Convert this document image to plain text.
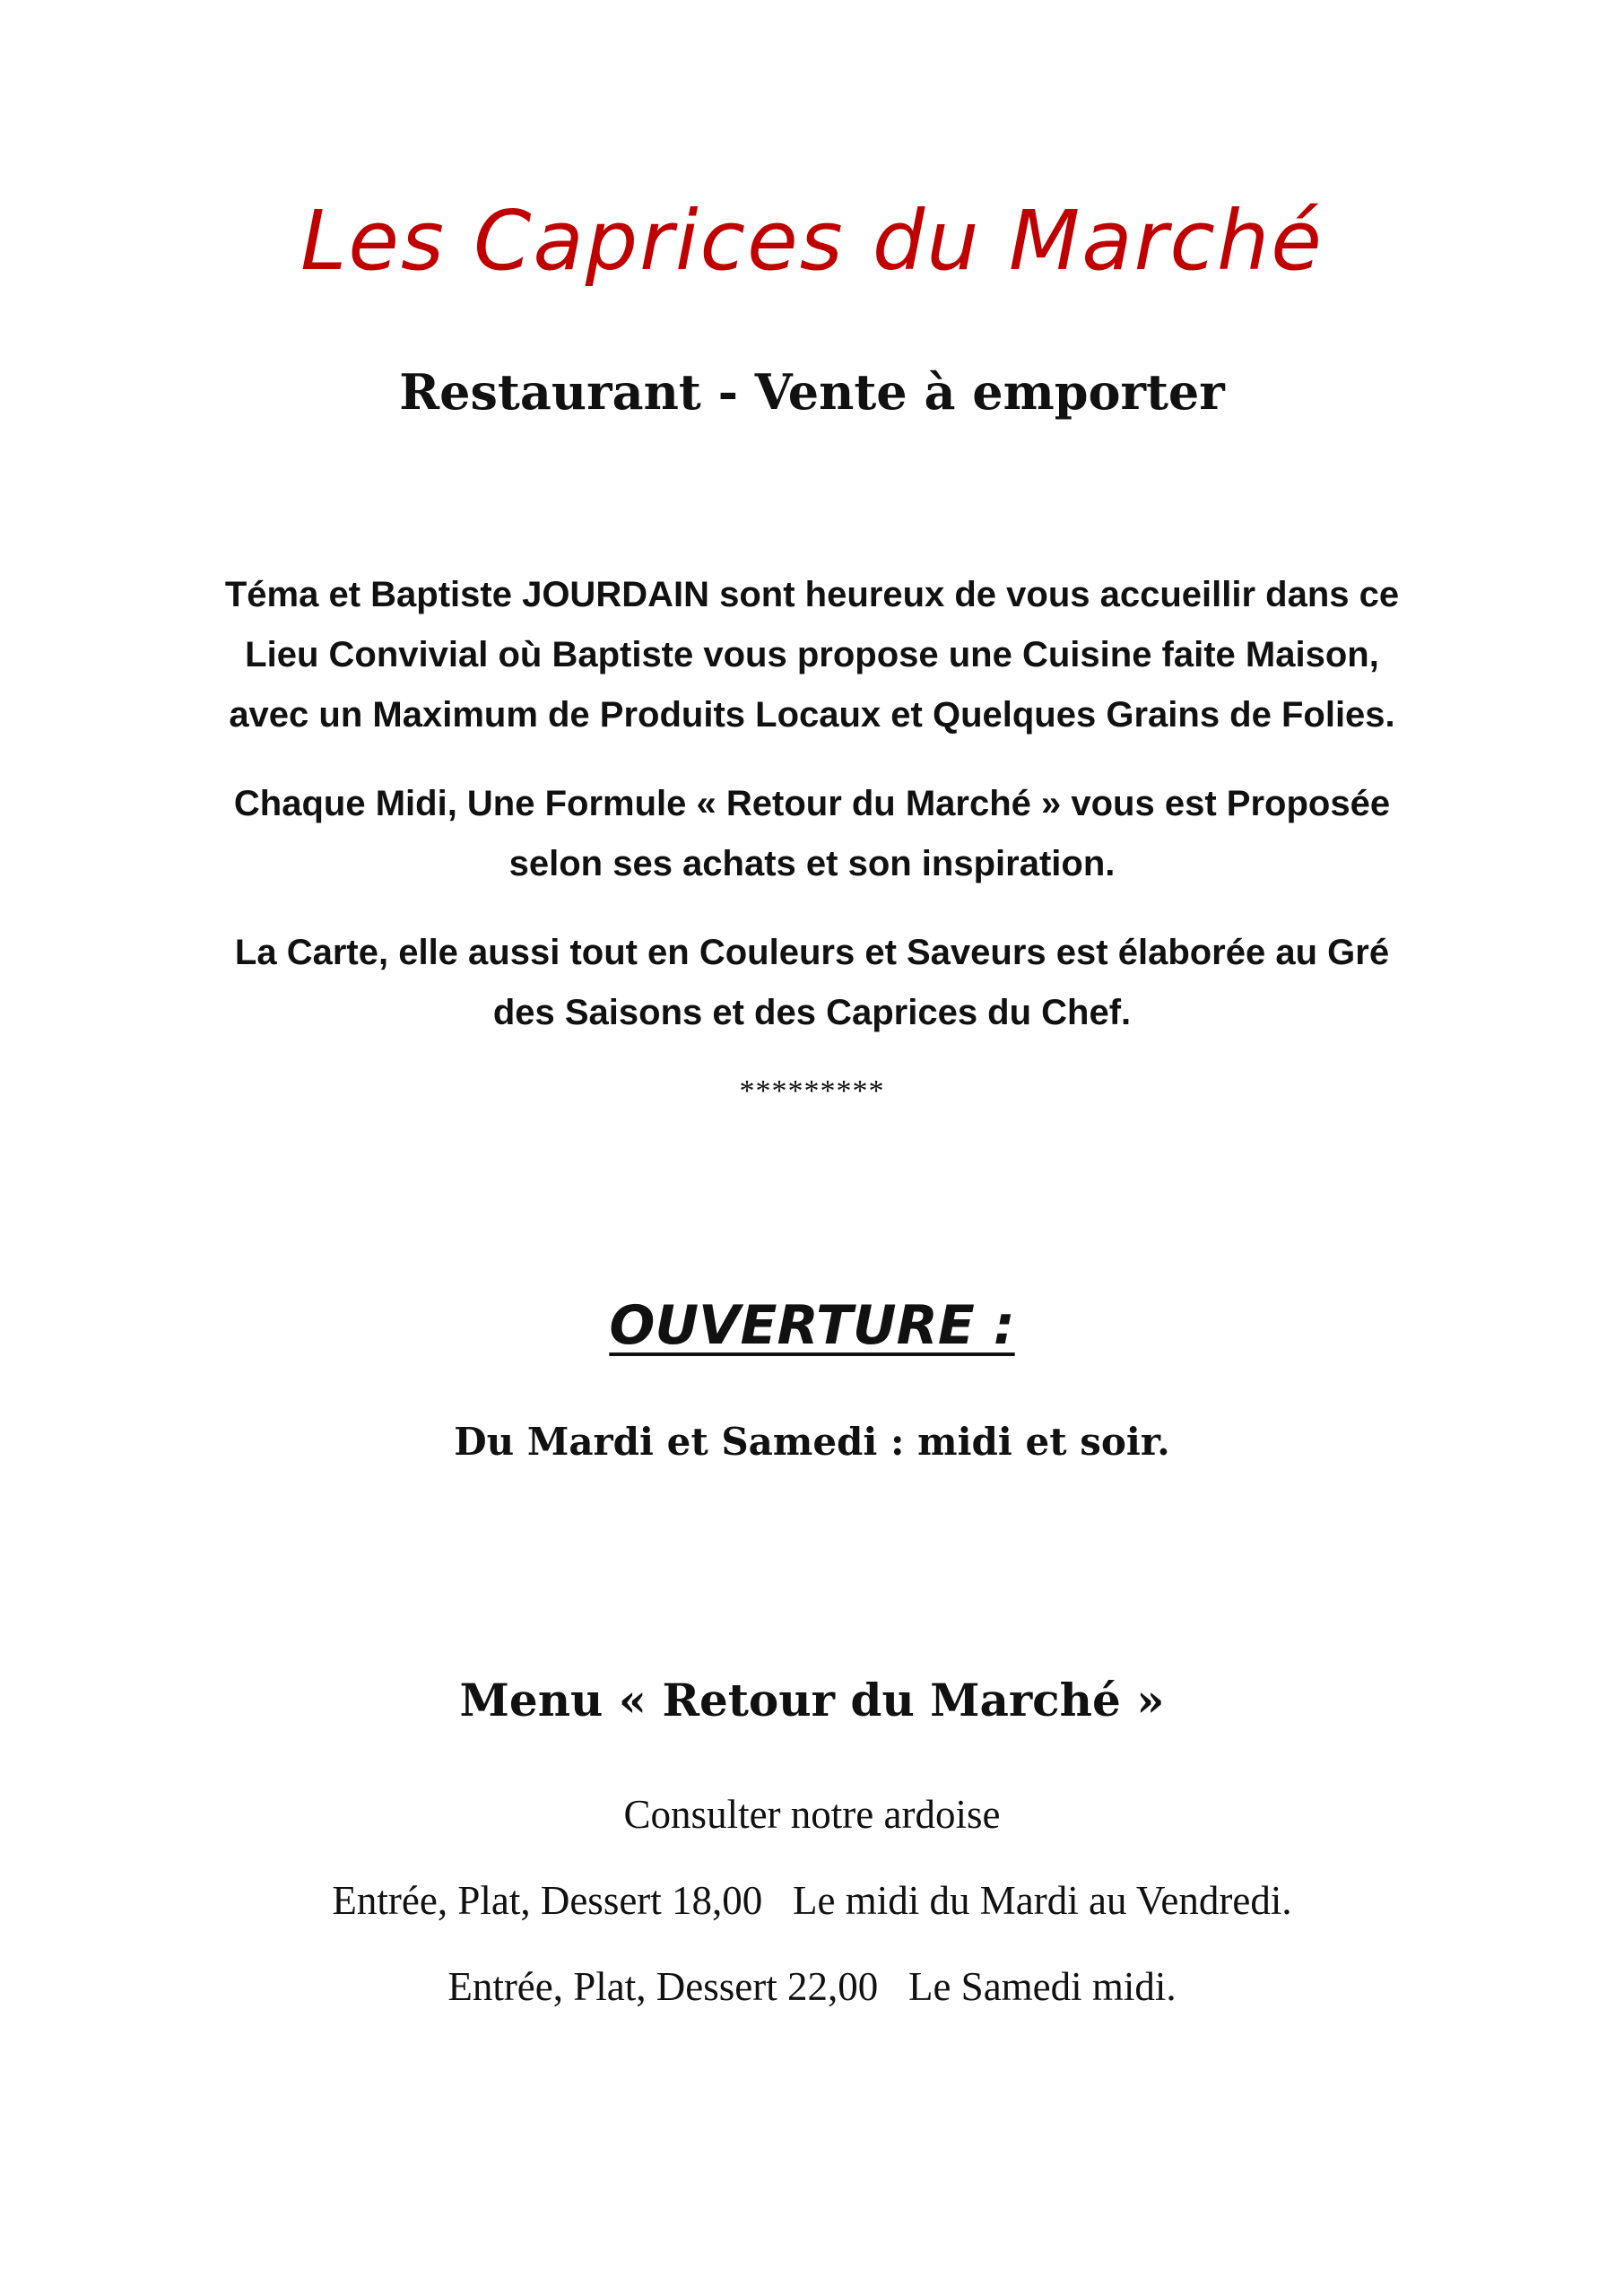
Les Caprices du Marché
Restaurant - Vente à emporter

Téma et Baptiste JOURDAIN sont heureux de vous accueillir dans ce
Lieu Convivial où Baptiste vous propose une Cuisine faite Maison,
avec un Maximum de Produits Locaux et Quelques Grains de Folies.

Chaque Midi, Une Formule « Retour du Marché » vous est Proposée
selon ses achats et son inspiration.

La Carte, elle aussi tout en Couleurs et Saveurs est élaborée au Gré
des Saisons et des Caprices du Chef.

*********
OUVERTURE :
Du Mardi et Samedi : midi et soir.
Menu « Retour du Marché »
Consulter notre ardoise
Entrée, Plat, Dessert 18,00   Le midi du Mardi au Vendredi.
Entrée, Plat, Dessert 22,00   Le Samedi midi.
